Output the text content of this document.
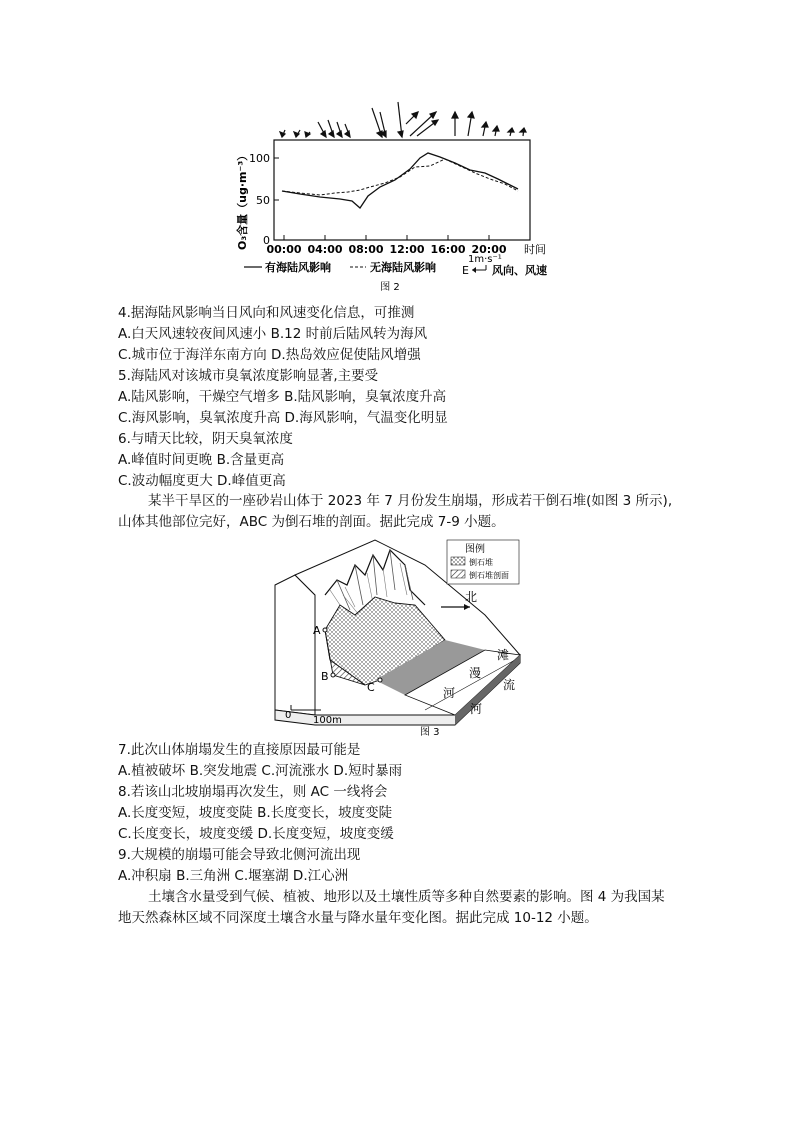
100
50
0
O₃含量（ug·m⁻³） 00:00 04:00 08:00 12:00 16:00 20:00 时间
有海陆风影响	无海陆风影响
1m·s⁻¹
E 风向、风速
图 2
4.据海陆风影响当日风向和风速变化信息，可推测
A.白天风速较夜间风速小 B.12 时前后陆风转为海风
C.城市位于海洋东南方向 D.热岛效应促使陆风增强
5.海陆风对该城市臭氧浓度影响显著,主要受
A.陆风影响，干燥空气增多 B.陆风影响，臭氧浓度升高
C.海风影响，臭氧浓度升高 D.海风影响，气温变化明显
6.与晴天比较，阴天臭氧浓度
A.峰值时间更晚 B.含量更高
C.波动幅度更大 D.峰值更高
某半干旱区的一座砂岩山体于 2023 年 7 月份发生崩塌，形成若干倒石堆(如图 3 所示),山体其他部位完好，ABC 为倒石堆的剖面。据此完成 7-9 小题。
A
B
C
北
河
漫
滩
河
流
图例
倒石堆
倒石堆剖面
0 100m
图 3
7.此次山体崩塌发生的直接原因最可能是
A.植被破坏 B.突发地震 C.河流涨水 D.短时暴雨
8.若该山北坡崩塌再次发生，则 AC 一线将会
A.长度变短，坡度变陡 B.长度变长，坡度变陡
C.长度变长，坡度变缓 D.长度变短，坡度变缓
9.大规模的崩塌可能会导致北侧河流出现
A.冲积扇 B.三角洲 C.堰塞湖 D.江心洲
土壤含水量受到气候、植被、地形以及土壤性质等多种自然要素的影响。图 4 为我国某地天然森林区域不同深度土壤含水量与降水量年变化图。据此完成 10-12 小题。
